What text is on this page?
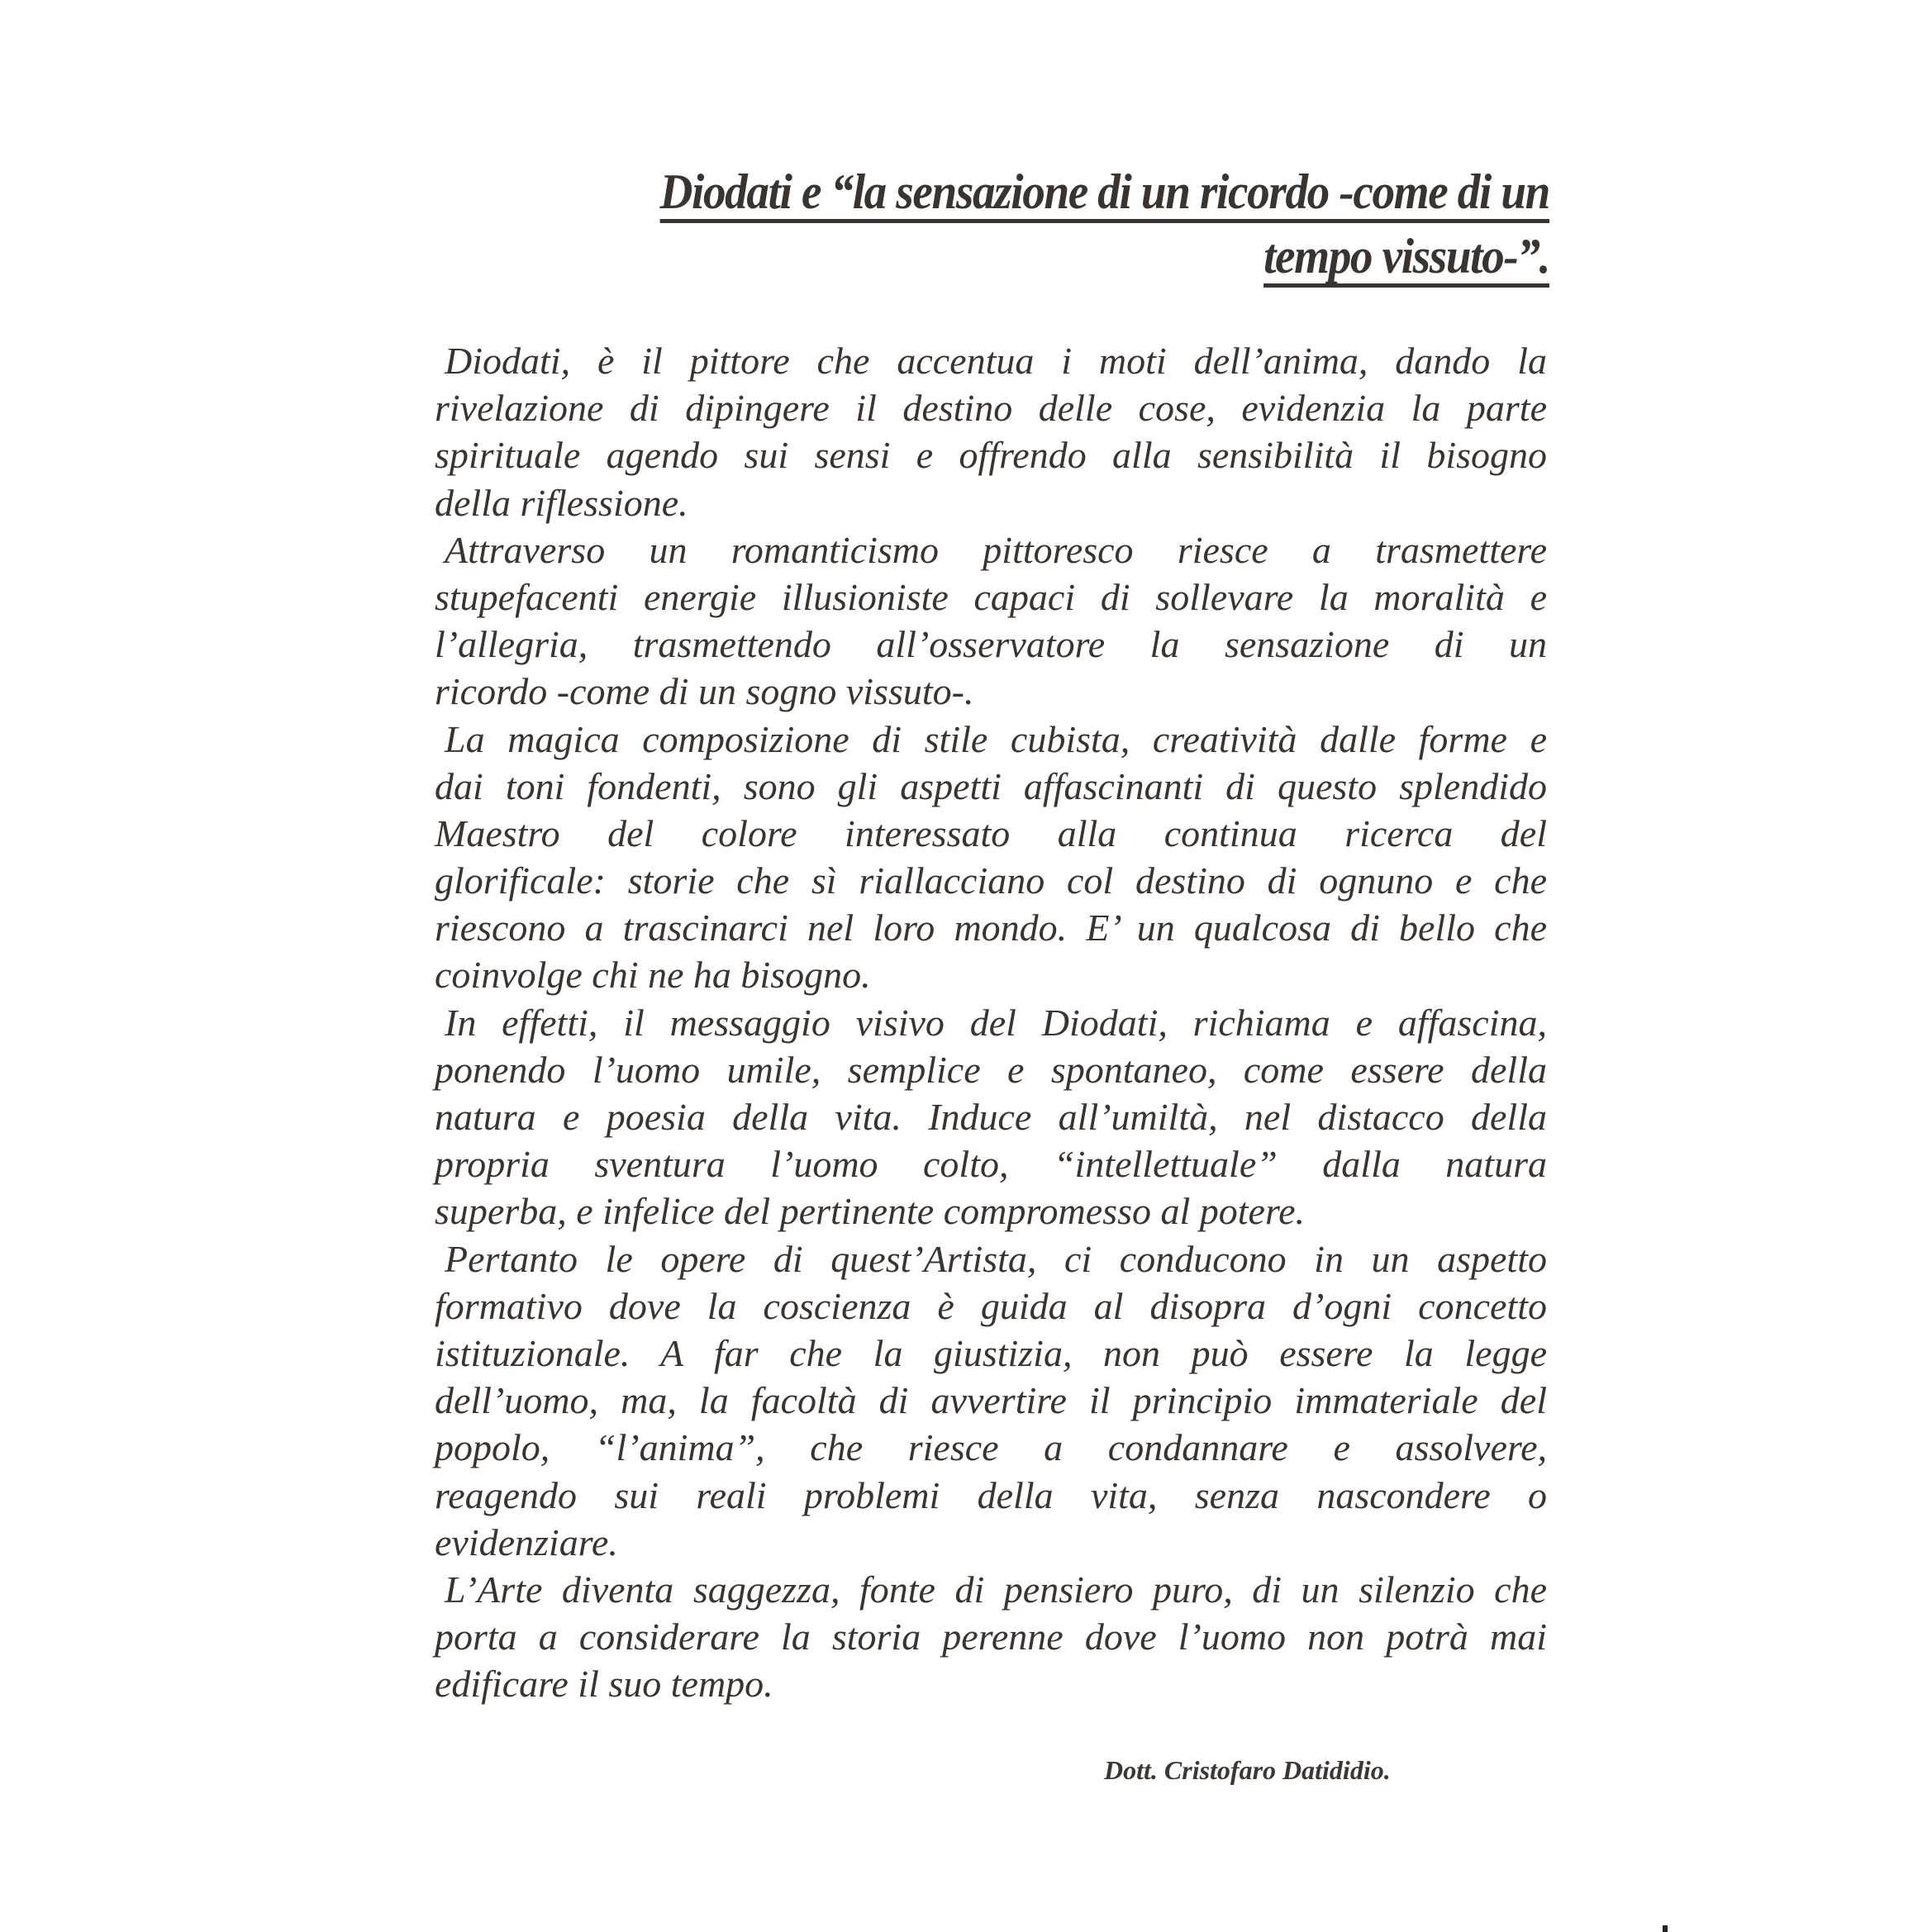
Diodati e “la sensazione di un ricordo -come di un
tempo vissuto-”.
Diodati, è il pittore che accentua i moti dell’anima, dando la
rivelazione di dipingere il destino delle cose, evidenzia la parte
spirituale agendo sui sensi e offrendo alla sensibilità il bisogno
della riflessione.
Attraverso un romanticismo pittoresco riesce a trasmettere
stupefacenti energie illusioniste capaci di sollevare la moralità e
l’allegria, trasmettendo all’osservatore la sensazione di un
ricordo -come di un sogno vissuto-.
La magica composizione di stile cubista, creatività dalle forme e
dai toni fondenti, sono gli aspetti affascinanti di questo splendido
Maestro del colore interessato alla continua ricerca del
glorificale: storie che sì riallacciano col destino di ognuno e che
riescono a trascinarci nel loro mondo. E’ un qualcosa di bello che
coinvolge chi ne ha bisogno.
In effetti, il messaggio visivo del Diodati, richiama e affascina,
ponendo l’uomo umile, semplice e spontaneo, come essere della
natura e poesia della vita. Induce all’umiltà, nel distacco della
propria sventura l’uomo colto, “intellettuale” dalla natura
superba, e infelice del pertinente compromesso al potere.
Pertanto le opere di quest’Artista, ci conducono in un aspetto
formativo dove la coscienza è guida al disopra d’ogni concetto
istituzionale. A far che la giustizia, non può essere la legge
dell’uomo, ma, la facoltà di avvertire il principio immateriale del
popolo, “l’anima”, che riesce a condannare e assolvere,
reagendo sui reali problemi della vita, senza nascondere o
evidenziare.
L’Arte diventa saggezza, fonte di pensiero puro, di un silenzio che
porta a considerare la storia perenne dove l’uomo non potrà mai
edificare il suo tempo.
Dott. Cristofaro Datididio.
